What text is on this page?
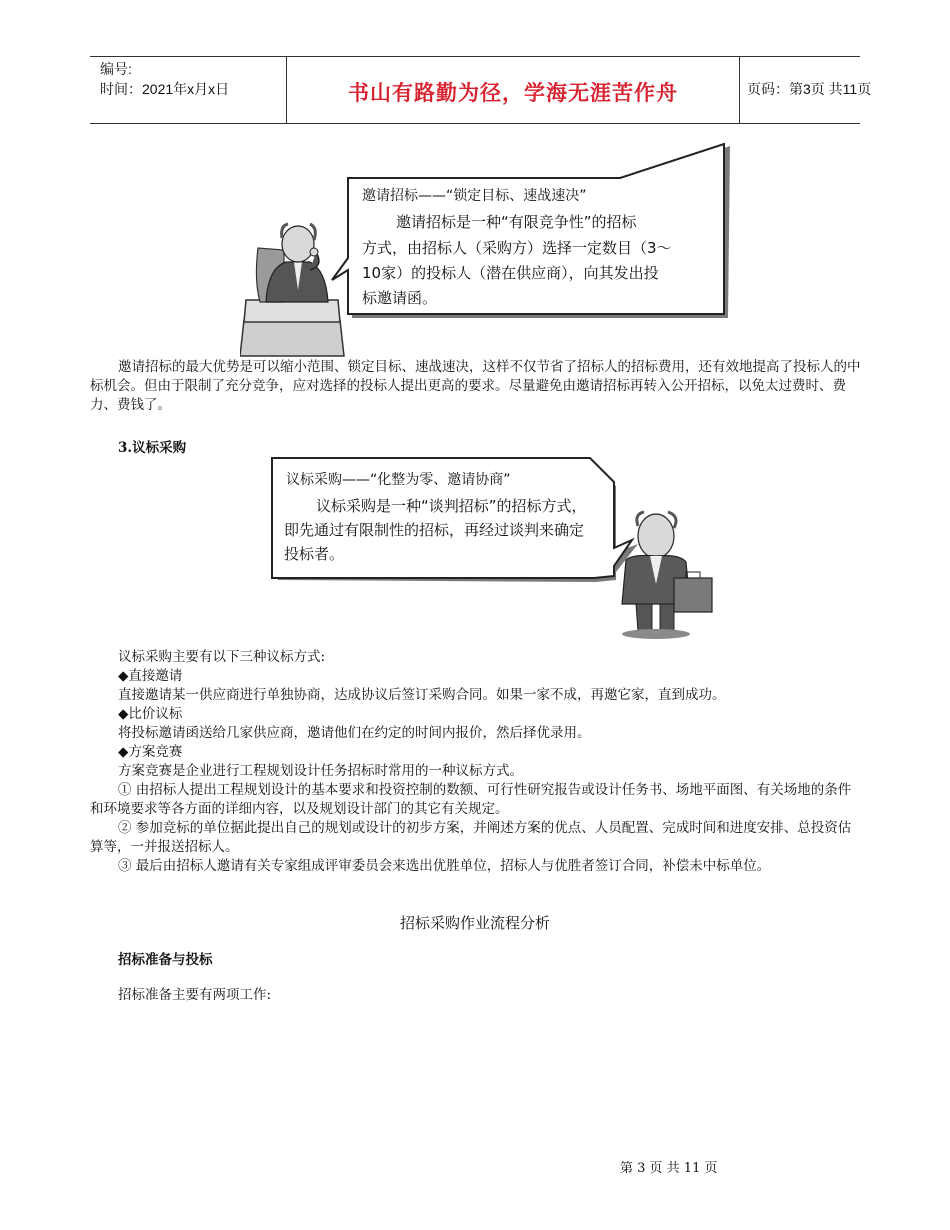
编号:
时间：2021年x月x日	书山有路勤为径，学海无涯苦作舟	页码：第3页 共11页
邀请招标——“锁定目标、速战速决”
邀请招标是一种“有限竞争性”的招标
方式，由招标人（采购方）选择一定数目（3～
10家）的投标人（潜在供应商），向其发出投
标邀请函。
邀请招标的最大优势是可以缩小范围、锁定目标、速战速决，这样不仅节省了招标人的招标费用，还有效地提高了投标人的中标机会。但由于限制了充分竞争，应对选择的投标人提出更高的要求。尽量避免由邀请招标再转入公开招标，以免太过费时、费力、费钱了。
3.议标采购
议标采购——“化整为零、邀请协商”
议标采购是一种“谈判招标”的招标方式，
即先通过有限制性的招标，再经过谈判来确定
投标者。
议标采购主要有以下三种议标方式:
◆直接邀请
直接邀请某一供应商进行单独协商，达成协议后签订采购合同。如果一家不成，再邀它家，直到成功。
◆比价议标
将投标邀请函送给几家供应商，邀请他们在约定的时间内报价，然后择优录用。
◆方案竞赛
方案竞赛是企业进行工程规划设计任务招标时常用的一种议标方式。
① 由招标人提出工程规划设计的基本要求和投资控制的数额、可行性研究报告或设计任务书、场地平面图、有关场地的条件和环境要求等各方面的详细内容，以及规划设计部门的其它有关规定。
② 参加竞标的单位据此提出自己的规划或设计的初步方案，并阐述方案的优点、人员配置、完成时间和进度安排、总投资估算等，一并报送招标人。
③ 最后由招标人邀请有关专家组成评审委员会来选出优胜单位，招标人与优胜者签订合同，补偿未中标单位。
招标采购作业流程分析
招标准备与投标
招标准备主要有两项工作:
第 3 页 共 11 页
